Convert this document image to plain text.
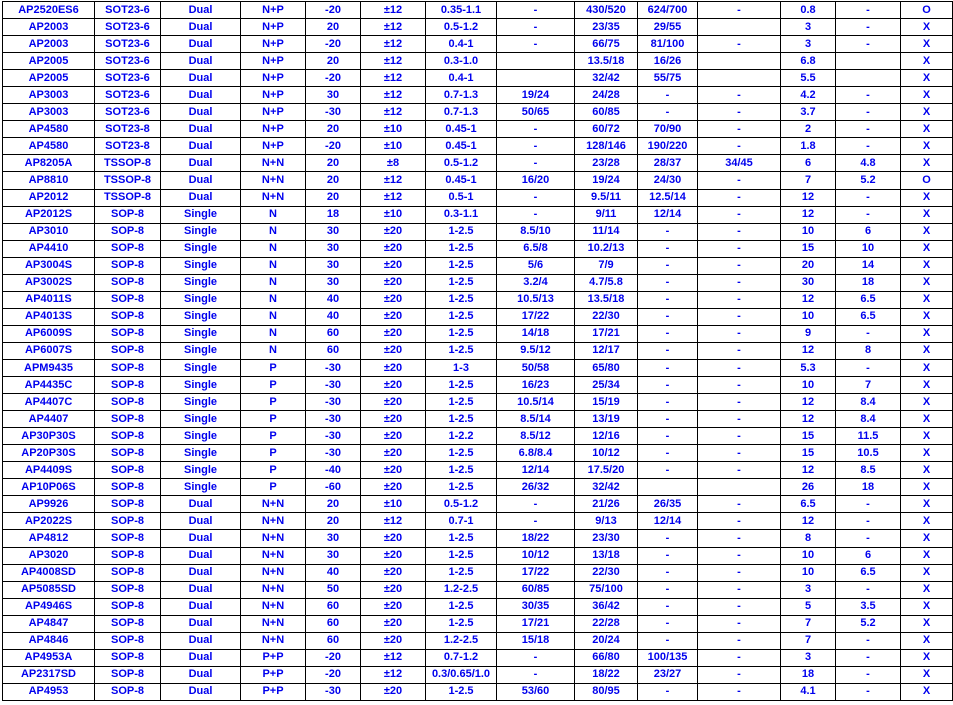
AP2520ES6	SOT23-6	Dual	N+P	-20	±12	0.35-1.1	-	430/520	624/700	-	0.8	-	O
AP2003	SOT23-6	Dual	N+P	20	±12	0.5-1.2	-	23/35	29/55		3	-	X
AP2003	SOT23-6	Dual	N+P	-20	±12	0.4-1	-	66/75	81/100	-	3	-	X
AP2005	SOT23-6	Dual	N+P	20	±12	0.3-1.0		13.5/18	16/26		6.8		X
AP2005	SOT23-6	Dual	N+P	-20	±12	0.4-1		32/42	55/75		5.5		X
AP3003	SOT23-6	Dual	N+P	30	±12	0.7-1.3	19/24	24/28	-	-	4.2	-	X
AP3003	SOT23-6	Dual	N+P	-30	±12	0.7-1.3	50/65	60/85	-	-	3.7	-	X
AP4580	SOT23-8	Dual	N+P	20	±10	0.45-1	-	60/72	70/90	-	2	-	X
AP4580	SOT23-8	Dual	N+P	-20	±10	0.45-1	-	128/146	190/220	-	1.8	-	X
AP8205A	TSSOP-8	Dual	N+N	20	±8	0.5-1.2	-	23/28	28/37	34/45	6	4.8	X
AP8810	TSSOP-8	Dual	N+N	20	±12	0.45-1	16/20	19/24	24/30	-	7	5.2	O
AP2012	TSSOP-8	Dual	N+N	20	±12	0.5-1	-	9.5/11	12.5/14	-	12	-	X
AP2012S	SOP-8	Single	N	18	±10	0.3-1.1	-	9/11	12/14	-	12	-	X
AP3010	SOP-8	Single	N	30	±20	1-2.5	8.5/10	11/14	-	-	10	6	X
AP4410	SOP-8	Single	N	30	±20	1-2.5	6.5/8	10.2/13	-	-	15	10	X
AP3004S	SOP-8	Single	N	30	±20	1-2.5	5/6	7/9	-	-	20	14	X
AP3002S	SOP-8	Single	N	30	±20	1-2.5	3.2/4	4.7/5.8	-	-	30	18	X
AP4011S	SOP-8	Single	N	40	±20	1-2.5	10.5/13	13.5/18	-	-	12	6.5	X
AP4013S	SOP-8	Single	N	40	±20	1-2.5	17/22	22/30	-	-	10	6.5	X
AP6009S	SOP-8	Single	N	60	±20	1-2.5	14/18	17/21	-	-	9	-	X
AP6007S	SOP-8	Single	N	60	±20	1-2.5	9.5/12	12/17	-	-	12	8	X
APM9435	SOP-8	Single	P	-30	±20	1-3	50/58	65/80	-	-	5.3	-	X
AP4435C	SOP-8	Single	P	-30	±20	1-2.5	16/23	25/34	-	-	10	7	X
AP4407C	SOP-8	Single	P	-30	±20	1-2.5	10.5/14	15/19	-	-	12	8.4	X
AP4407	SOP-8	Single	P	-30	±20	1-2.5	8.5/14	13/19	-	-	12	8.4	X
AP30P30S	SOP-8	Single	P	-30	±20	1-2.2	8.5/12	12/16	-	-	15	11.5	X
AP20P30S	SOP-8	Single	P	-30	±20	1-2.5	6.8/8.4	10/12	-	-	15	10.5	X
AP4409S	SOP-8	Single	P	-40	±20	1-2.5	12/14	17.5/20	-	-	12	8.5	X
AP10P06S	SOP-8	Single	P	-60	±20	1-2.5	26/32	32/42			26	18	X
AP9926	SOP-8	Dual	N+N	20	±10	0.5-1.2	-	21/26	26/35	-	6.5	-	X
AP2022S	SOP-8	Dual	N+N	20	±12	0.7-1	-	9/13	12/14	-	12	-	X
AP4812	SOP-8	Dual	N+N	30	±20	1-2.5	18/22	23/30	-	-	8	-	X
AP3020	SOP-8	Dual	N+N	30	±20	1-2.5	10/12	13/18	-	-	10	6	X
AP4008SD	SOP-8	Dual	N+N	40	±20	1-2.5	17/22	22/30	-	-	10	6.5	X
AP5085SD	SOP-8	Dual	N+N	50	±20	1.2-2.5	60/85	75/100	-	-	3	-	X
AP4946S	SOP-8	Dual	N+N	60	±20	1-2.5	30/35	36/42	-	-	5	3.5	X
AP4847	SOP-8	Dual	N+N	60	±20	1-2.5	17/21	22/28	-	-	7	5.2	X
AP4846	SOP-8	Dual	N+N	60	±20	1.2-2.5	15/18	20/24	-	-	7	-	X
AP4953A	SOP-8	Dual	P+P	-20	±12	0.7-1.2	-	66/80	100/135	-	3	-	X
AP2317SD	SOP-8	Dual	P+P	-20	±12	0.3/0.65/1.0	-	18/22	23/27	-	18	-	X
AP4953	SOP-8	Dual	P+P	-30	±20	1-2.5	53/60	80/95	-	-	4.1	-	X
